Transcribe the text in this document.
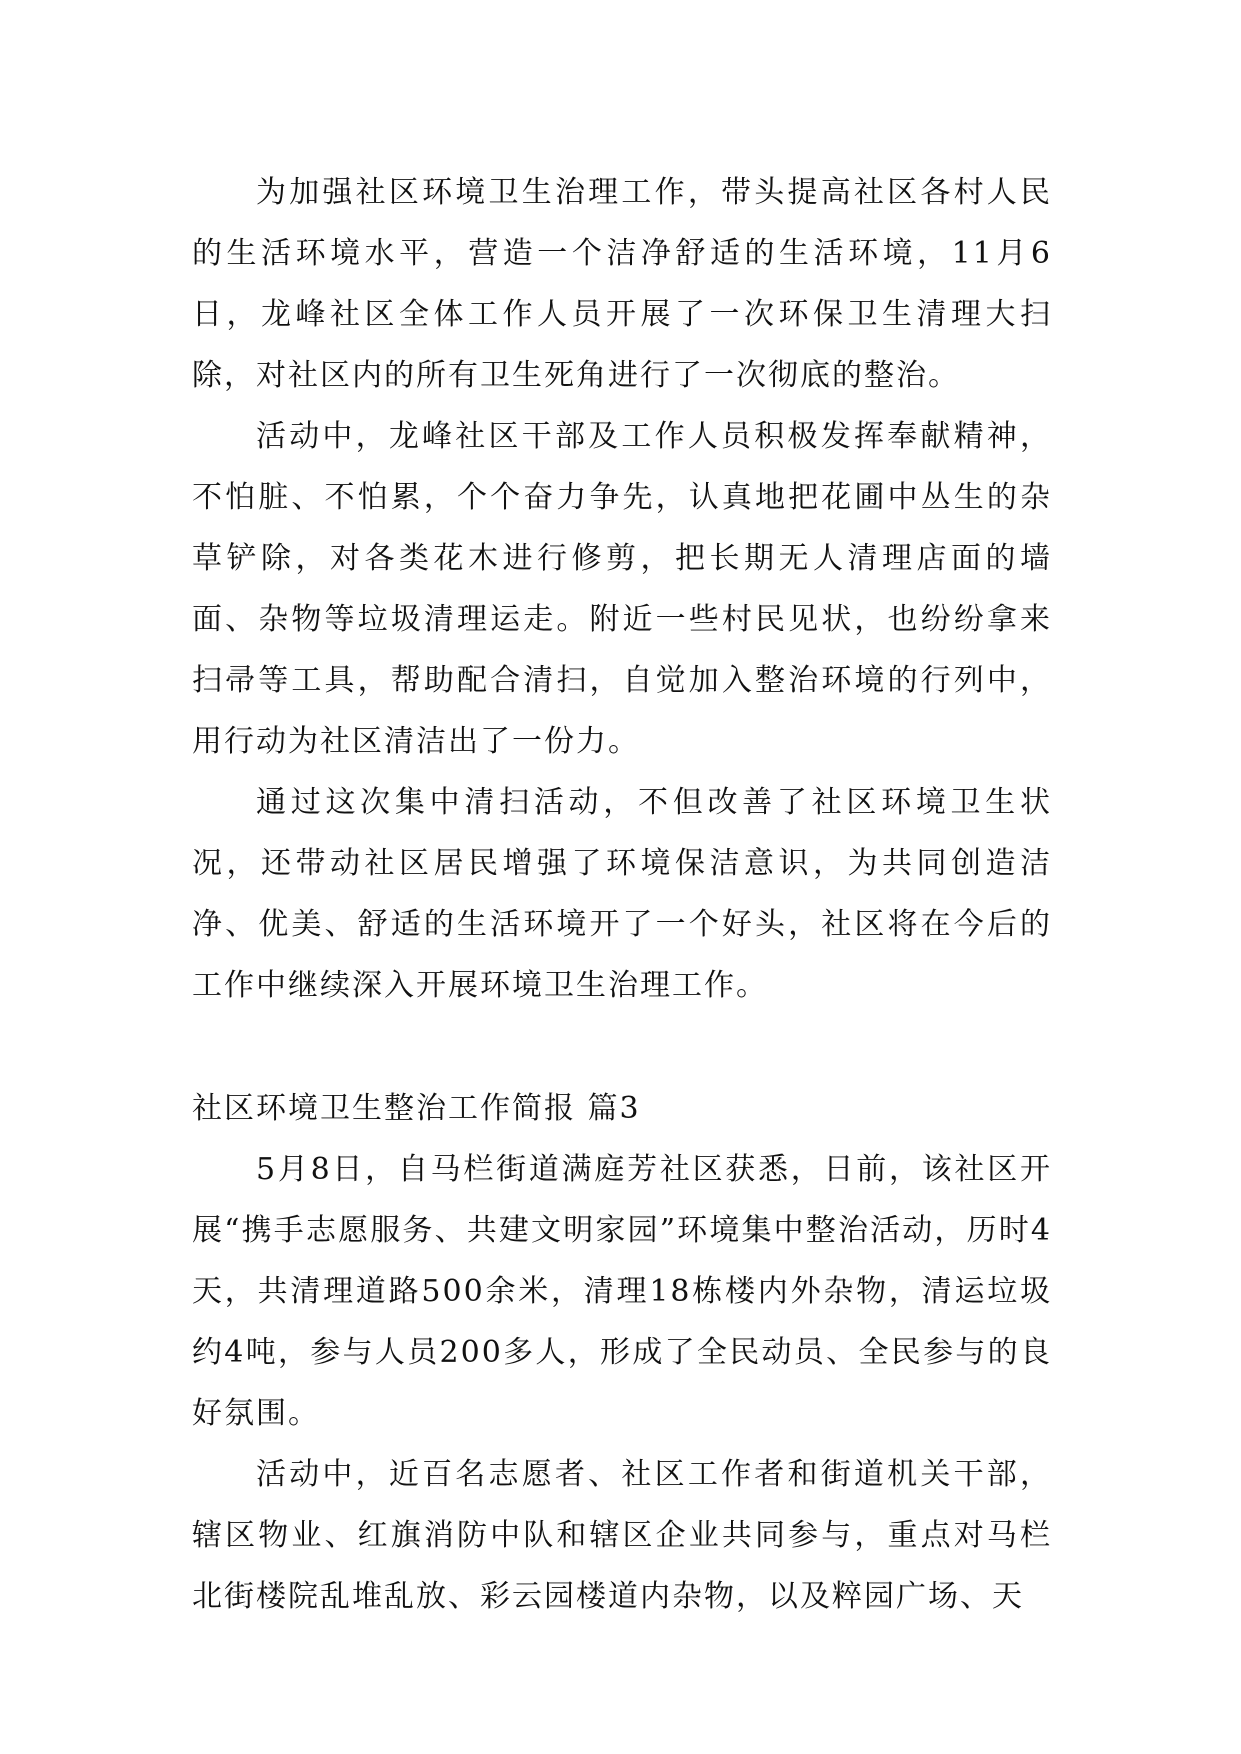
为加强社区环境卫生治理工作，带头提高社区各村人民的生活环境水平，营造一个洁净舒适的生活环境，11月6日，龙峰社区全体工作人员开展了一次环保卫生清理大扫除，对社区内的所有卫生死角进行了一次彻底的整治。

活动中，龙峰社区干部及工作人员积极发挥奉献精神，不怕脏、不怕累，个个奋力争先，认真地把花圃中丛生的杂草铲除，对各类花木进行修剪，把长期无人清理店面的墙面、杂物等垃圾清理运走。附近一些村民见状，也纷纷拿来扫帚等工具，帮助配合清扫，自觉加入整治环境的行列中，用行动为社区清洁出了一份力。

通过这次集中清扫活动，不但改善了社区环境卫生状况，还带动社区居民增强了环境保洁意识，为共同创造洁净、优美、舒适的生活环境开了一个好头，社区将在今后的工作中继续深入开展环境卫生治理工作。

社区环境卫生整治工作简报 篇3

5月8日，自马栏街道满庭芳社区获悉，日前，该社区开展“携手志愿服务、共建文明家园”环境集中整治活动，历时4天，共清理道路500余米，清理18栋楼内外杂物，清运垃圾约4吨，参与人员200多人，形成了全民动员、全民参与的良好氛围。

活动中，近百名志愿者、社区工作者和街道机关干部，辖区物业、红旗消防中队和辖区企业共同参与，重点对马栏北街楼院乱堆乱放、彩云园楼道内杂物，以及粹园广场、天
